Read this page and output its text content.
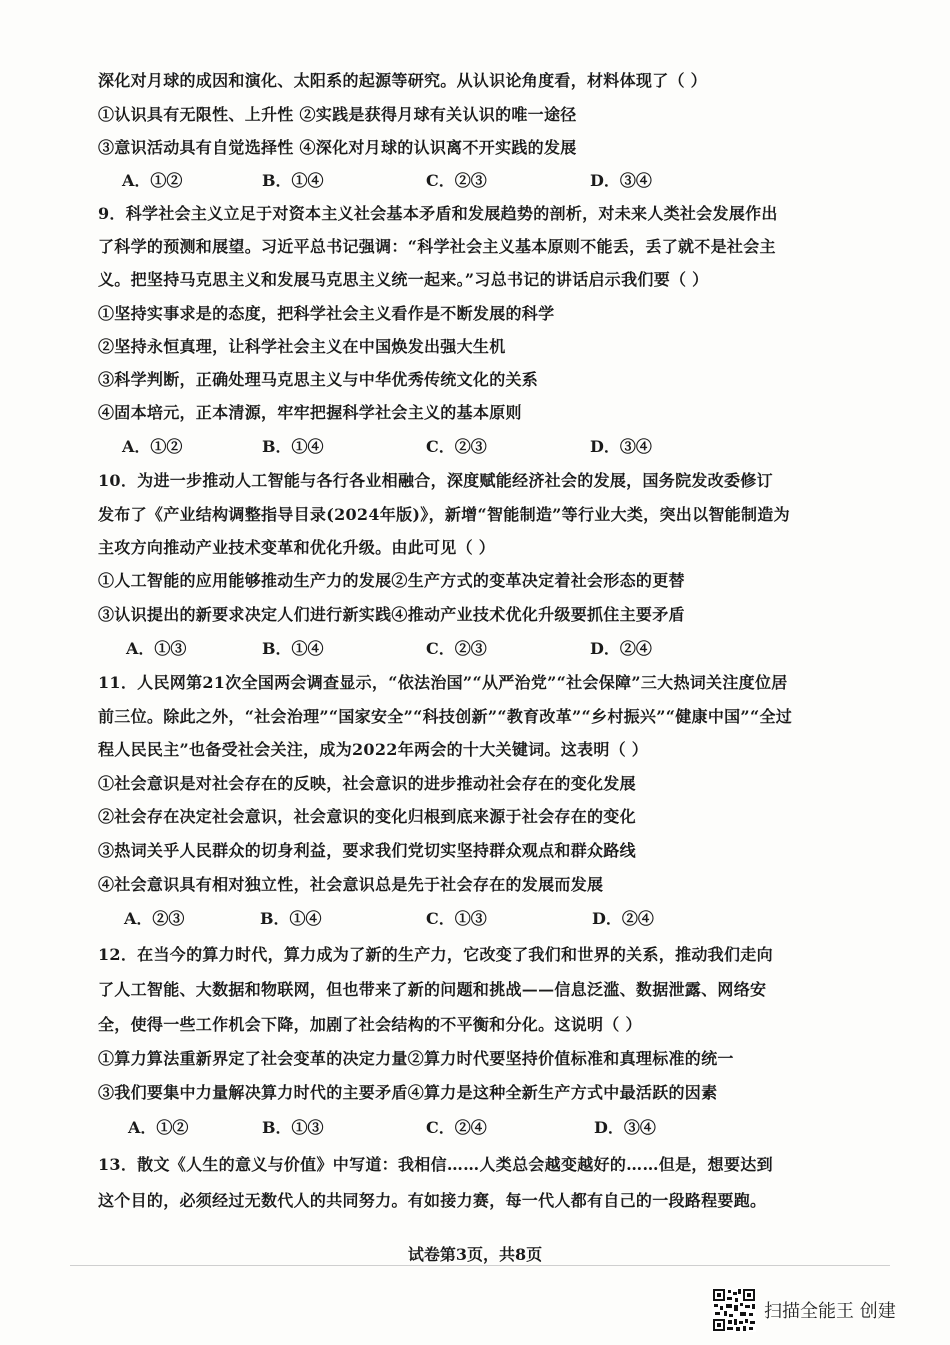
深化对月球的成因和演化、太阳系的起源等研究。从认识论角度看，材料体现了（ ）
①认识具有无限性、上升性 ②实践是获得月球有关认识的唯一途径
③意识活动具有自觉选择性 ④深化对月球的认识离不开实践的发展
A．①②	B．①④	C．②③	D．③④
9．科学社会主义立足于对资本主义社会基本矛盾和发展趋势的剖析，对未来人类社会发展作出
了科学的预测和展望。习近平总书记强调：“科学社会主义基本原则不能丢，丢了就不是社会主
义。把坚持马克思主义和发展马克思主义统一起来。”习总书记的讲话启示我们要（ ）
①坚持实事求是的态度，把科学社会主义看作是不断发展的科学
②坚持永恒真理，让科学社会主义在中国焕发出强大生机
③科学判断，正确处理马克思主义与中华优秀传统文化的关系
④固本培元，正本清源，牢牢把握科学社会主义的基本原则
A．①②	B．①④	C．②③	D．③④
10．为进一步推动人工智能与各行各业相融合，深度赋能经济社会的发展，国务院发改委修订
发布了《产业结构调整指导目录(2024年版)》，新增“智能制造”等行业大类，突出以智能制造为
主攻方向推动产业技术变革和优化升级。由此可见（ ）
①人工智能的应用能够推动生产力的发展②生产方式的变革决定着社会形态的更替
③认识提出的新要求决定人们进行新实践④推动产业技术优化升级要抓住主要矛盾
A．①③	B．①④	C．②③	D．②④
11．人民网第21次全国两会调查显示，“依法治国”“从严治党”“社会保障”三大热词关注度位居
前三位。除此之外，“社会治理”“国家安全”“科技创新”“教育改革”“乡村振兴”“健康中国”“全过
程人民民主”也备受社会关注，成为2022年两会的十大关键词。这表明（ ）
①社会意识是对社会存在的反映，社会意识的进步推动社会存在的变化发展
②社会存在决定社会意识，社会意识的变化归根到底来源于社会存在的变化
③热词关乎人民群众的切身利益，要求我们党切实坚持群众观点和群众路线
④社会意识具有相对独立性，社会意识总是先于社会存在的发展而发展
A．②③	B．①④	C．①③	D．②④
12．在当今的算力时代，算力成为了新的生产力，它改变了我们和世界的关系，推动我们走向
了人工智能、大数据和物联网，但也带来了新的问题和挑战——信息泛滥、数据泄露、网络安
全，使得一些工作机会下降，加剧了社会结构的不平衡和分化。这说明（ ）
①算力算法重新界定了社会变革的决定力量②算力时代要坚持价值标准和真理标准的统一
③我们要集中力量解决算力时代的主要矛盾④算力是这种全新生产方式中最活跃的因素
A．①②	B．①③	C．②④	D．③④
13．散文《人生的意义与价值》中写道：我相信……人类总会越变越好的……但是，想要达到
这个目的，必须经过无数代人的共同努力。有如接力赛，每一代人都有自己的一段路程要跑。
试卷第3页，共8页
扫描全能王 创建
